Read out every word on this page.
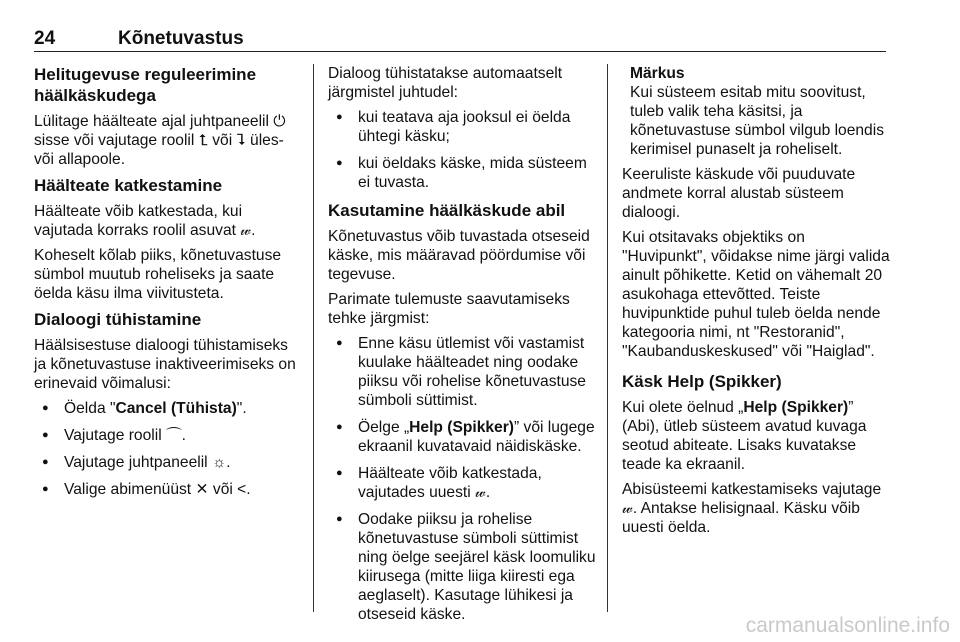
24	Kõnetuvastus
Helitugevuse reguleerimine häälkäskudega

Lülitage häälteate ajal juhtpaneelil ⏻ sisse või vajutage roolil ⮤ või ⮧ üles- või allapoole.

Häälteate katkestamine

Häälteate võib katkestada, kui vajutada korraks roolil asuvat 𝓌.

Koheselt kõlab piiks, kõnetuvastuse sümbol muutub roheliseks ja saate öelda käsu ilma viivitusteta.

Dialoogi tühistamine

Häälsisestuse dialoogi tühistamiseks ja kõnetuvastuse inaktiveerimiseks on erinevaid võimalusi:

● Öelda "Cancel (Tühista)".
● Vajutage roolil ⌒.
● Vajutage juhtpaneelil ☼.
● Valige abimenüüst ✕ või <.

Dialoog tühistatakse automaatselt järgmistel juhtudel:

● kui teatava aja jooksul ei öelda ühtegi käsku;
● kui öeldaks käske, mida süsteem ei tuvasta.
Kasutamine häälkäskude abil

Kõnetuvastus võib tuvastada otseseid käske, mis määravad pöördumise või tegevuse.

Parimate tulemuste saavutamiseks tehke järgmist:

● Enne käsu ütlemist või vastamist kuulake häälteadet ning oodake piiksu või rohelise kõnetuvastuse sümboli süttimist.
● Öelge „Help (Spikker)” või lugege ekraanil kuvatavaid näidiskäske.
● Häälteate võib katkestada, vajutades uuesti 𝓌.
● Oodake piiksu ja rohelise kõnetuvastuse sümboli süttimist ning öelge seejärel käsk loomuliku kiirusega (mitte liiga kiiresti ega aeglaselt). Kasutage lühikesi ja otseseid käske.
Märkus

Kui süsteem esitab mitu soovitust, tuleb valik teha käsitsi, ja kõnetuvastuse sümbol vilgub loendis kerimisel punaselt ja roheliselt.

Keeruliste käskude või puuduvate andmete korral alustab süsteem dialoogi.

Kui otsitavaks objektiks on "Huvipunkt", võidakse nime järgi valida ainult põhikette. Ketid on vähemalt 20 asukohaga ettevõtted. Teiste huvipunktide puhul tuleb öelda nende kategooria nimi, nt "Restoranid", "Kaubanduskeskused" või "Haiglad".

Käsk Help (Spikker)

Kui olete öelnud „Help (Spikker)” (Abi), ütleb süsteem avatud kuvaga seotud abiteate. Lisaks kuvatakse teade ka ekraanil.

Abisüsteemi katkestamiseks vajutage 𝓌. Antakse helisignaal. Käsku võib uuesti öelda.

carmanualsonline.info
